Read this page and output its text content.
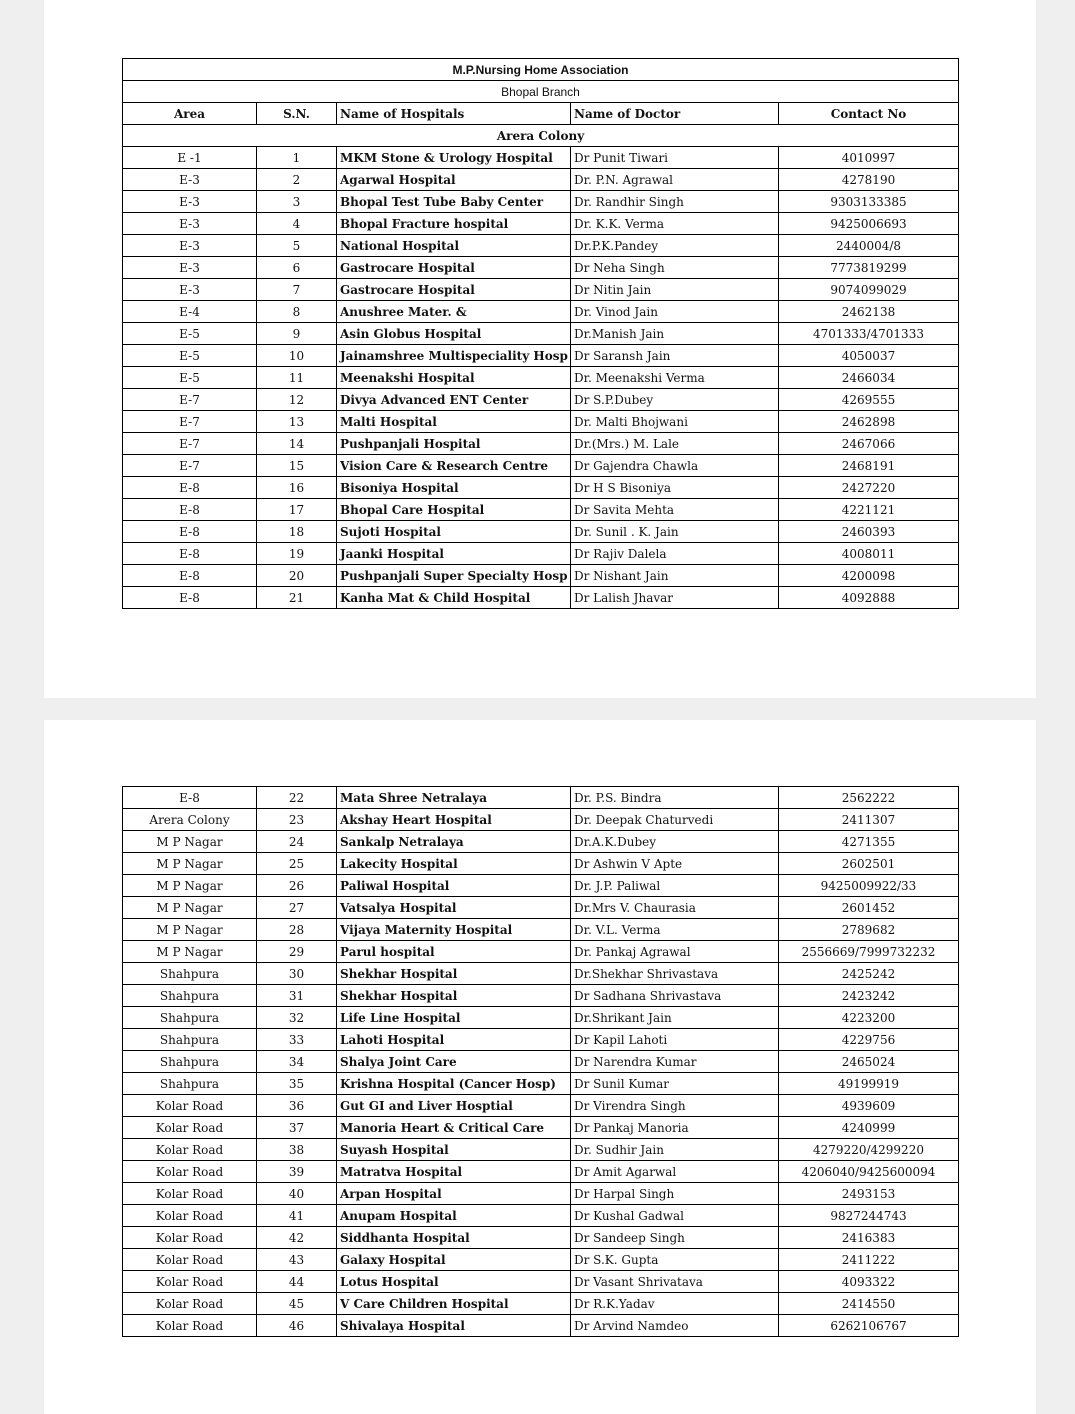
M.P.Nursing Home Association				
Bhopal Branch				
Area	S.N.	Name of Hospitals	Name of Doctor	Contact No
Arera Colony				
E -1	1	MKM Stone & Urology Hospital	Dr Punit Tiwari	4010997
E-3	2	Agarwal Hospital	Dr. P.N. Agrawal	4278190
E-3	3	Bhopal Test Tube Baby Center	Dr. Randhir Singh	9303133385
E-3	4	Bhopal Fracture hospital	Dr. K.K. Verma	9425006693
E-3	5	National Hospital	Dr.P.K.Pandey	2440004/8
E-3	6	Gastrocare Hospital	Dr Neha Singh	7773819299
E-3	7	Gastrocare Hospital	Dr Nitin Jain	9074099029
E-4	8	Anushree Mater. &	Dr. Vinod Jain	2462138
E-5	9	Asin Globus Hospital	Dr.Manish Jain	4701333/4701333
E-5	10	Jainamshree Multispeciality Hosp	Dr Saransh Jain	4050037
E-5	11	Meenakshi Hospital	Dr. Meenakshi Verma	2466034
E-7	12	Divya Advanced ENT Center	Dr S.P.Dubey	4269555
E-7	13	Malti Hospital	Dr. Malti Bhojwani	2462898
E-7	14	Pushpanjali Hospital	Dr.(Mrs.) M. Lale	2467066
E-7	15	Vision Care & Research Centre	Dr Gajendra Chawla	2468191
E-8	16	Bisoniya Hospital	Dr H S Bisoniya	2427220
E-8	17	Bhopal Care Hospital	Dr Savita Mehta	4221121
E-8	18	Sujoti Hospital	Dr. Sunil . K. Jain	2460393
E-8	19	Jaanki Hospital	Dr Rajiv Dalela	4008011
E-8	20	Pushpanjali Super Specialty Hosp	Dr Nishant Jain	4200098
E-8	21	Kanha Mat & Child Hospital	Dr Lalish Jhavar	4092888
E-8	22	Mata Shree Netralaya	Dr. P.S. Bindra	2562222
Arera Colony	23	Akshay Heart Hospital	Dr. Deepak Chaturvedi	2411307
M P Nagar	24	Sankalp Netralaya	Dr.A.K.Dubey	4271355
M P Nagar	25	Lakecity Hospital	Dr Ashwin V Apte	2602501
M P Nagar	26	Paliwal Hospital	Dr. J.P. Paliwal	9425009922/33
M P Nagar	27	Vatsalya Hospital	Dr.Mrs V. Chaurasia	2601452
M P Nagar	28	Vijaya Maternity Hospital	Dr. V.L. Verma	2789682
M P Nagar	29	Parul hospital	Dr. Pankaj Agrawal	2556669/7999732232
Shahpura	30	Shekhar Hospital	Dr.Shekhar Shrivastava	2425242
Shahpura	31	Shekhar Hospital	Dr Sadhana Shrivastava	2423242
Shahpura	32	Life Line Hospital	Dr.Shrikant Jain	4223200
Shahpura	33	Lahoti Hospital	Dr Kapil Lahoti	4229756
Shahpura	34	Shalya Joint Care	Dr Narendra Kumar	2465024
Shahpura	35	Krishna Hospital (Cancer Hosp)	Dr Sunil Kumar	49199919
Kolar Road	36	Gut GI and Liver Hosptial	Dr Virendra Singh	4939609
Kolar Road	37	Manoria Heart & Critical Care	Dr Pankaj Manoria	4240999
Kolar Road	38	Suyash Hospital	Dr. Sudhir Jain	4279220/4299220
Kolar Road	39	Matratva Hospital	Dr Amit Agarwal	4206040/9425600094
Kolar Road	40	Arpan Hospital	Dr Harpal Singh	2493153
Kolar Road	41	Anupam Hospital	Dr Kushal Gadwal	9827244743
Kolar Road	42	Siddhanta Hospital	Dr Sandeep Singh	2416383
Kolar Road	43	Galaxy Hospital	Dr S.K. Gupta	2411222
Kolar Road	44	Lotus Hospital	Dr Vasant Shrivatava	4093322
Kolar Road	45	V Care Children Hospital	Dr R.K.Yadav	2414550
Kolar Road	46	Shivalaya Hospital	Dr Arvind Namdeo	6262106767
